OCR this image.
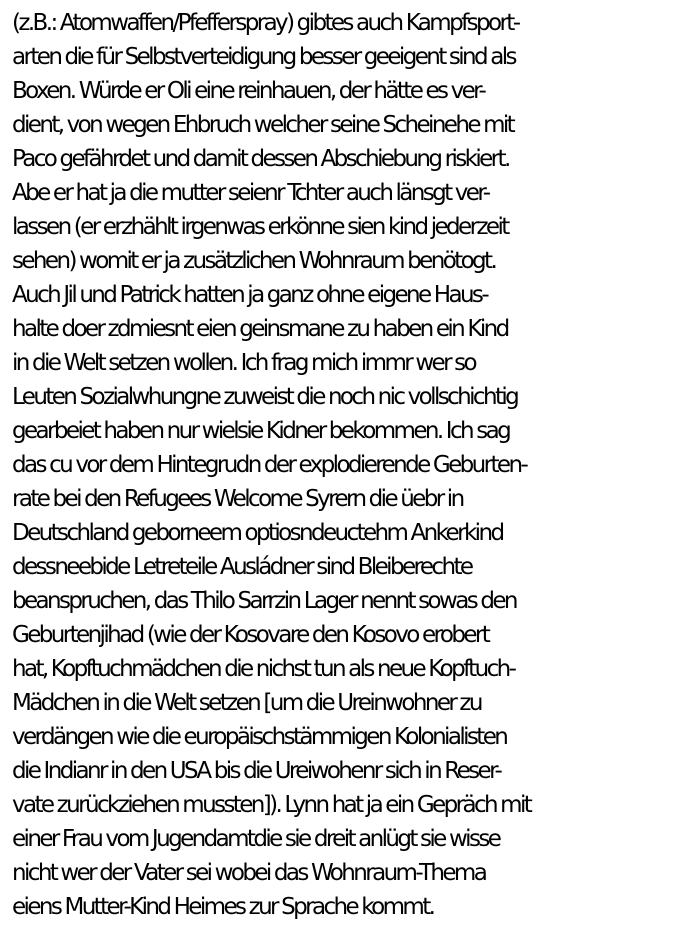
(z.B.: Atomwaffen/Pfefferspray) gibtes auch Kampfsport-
arten die für Selbstverteidigung besser geeigent sind als
Boxen. Würde er Oli eine reinhauen, der hätte es ver-
dient, von wegen Ehbruch welcher seine Scheinehe mit
Paco gefährdet und damit dessen Abschiebung riskiert.
Abe er hat ja die mutter seienr Tchter auch länsgt ver-
lassen (er erzhählt irgenwas erkönne sien kind jederzeit
sehen) womit er ja zusätzlichen Wohnraum benötogt.
Auch Jil und Patrick hatten ja ganz ohne eigene Haus-
halte doer zdmiesnt eien geinsmane zu haben ein Kind
in die Welt setzen wollen. Ich frag mich immr wer so
Leuten Sozialwhungne zuweist die noch nic vollschichtig
gearbeiet haben nur wielsie Kidner bekommen. Ich sag
das cu vor dem Hintegrudn der explodierende Geburten-
rate bei den Refugees Welcome Syrern die üebr in
Deutschland geborneem optiosndeuctehm Ankerkind
dessneebide Letreteile Ausládner sind Bleiberechte
beanspruchen, das Thilo Sarrzin Lager nennt sowas den
Geburtenjihad (wie der Kosovare den Kosovo erobert
hat, Kopftuchmädchen die nichst tun als neue Kopftuch-
Mädchen in die Welt setzen [um die Ureinwohner zu
verdängen wie die europäischstämmigen Kolonialisten
die Indianr in den USA bis die Ureiwohenr sich in Reser-
vate zurückziehen mussten]). Lynn hat ja ein Gepräch mit
einer Frau vom Jugendamtdie sie dreit anlügt sie wisse
nicht wer der Vater sei wobei das Wohnraum-Thema
eiens Mutter-Kind Heimes zur Sprache kommt.
